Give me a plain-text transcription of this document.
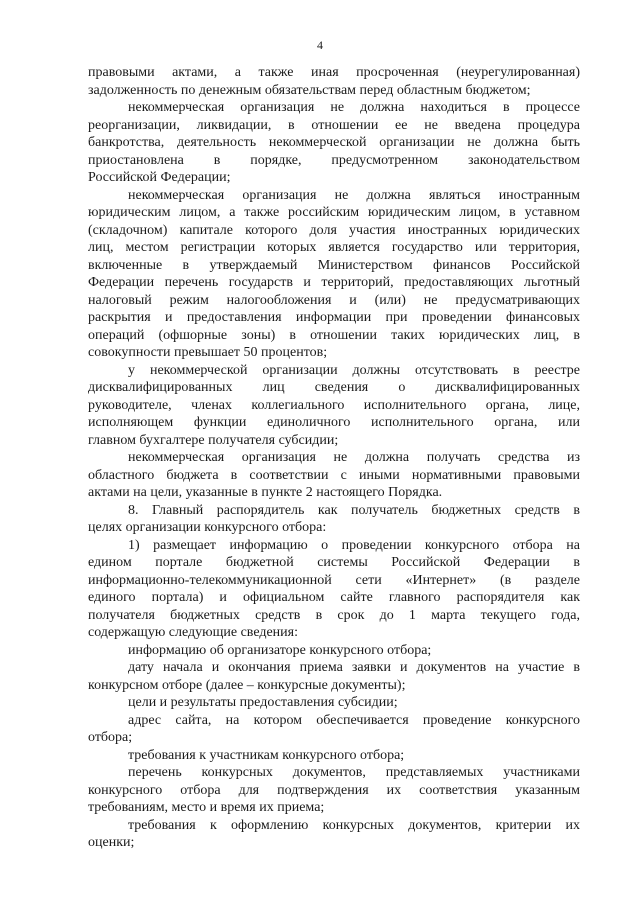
4
правовыми актами, а также иная просроченная (неурегулированная)
задолженность по денежным обязательствам перед областным бюджетом;
некоммерческая организация не должна находиться в процессе
реорганизации, ликвидации, в отношении ее не введена процедура
банкротства, деятельность некоммерческой организации не должна быть
приостановлена в порядке, предусмотренном законодательством
Российской Федерации;
некоммерческая организация не должна являться иностранным
юридическим лицом, а также российским юридическим лицом, в уставном
(складочном) капитале которого доля участия иностранных юридических
лиц, местом регистрации которых является государство или территория,
включенные в утверждаемый Министерством финансов Российской
Федерации перечень государств и территорий, предоставляющих льготный
налоговый режим налогообложения и (или) не предусматривающих
раскрытия и предоставления информации при проведении финансовых
операций (офшорные зоны) в отношении таких юридических лиц, в
совокупности превышает 50 процентов;
у некоммерческой организации должны отсутствовать в реестре
дисквалифицированных лиц сведения о дисквалифицированных
руководителе, членах коллегиального исполнительного органа, лице,
исполняющем функции единоличного исполнительного органа, или
главном бухгалтере получателя субсидии;
некоммерческая организация не должна получать средства из
областного бюджета в соответствии с иными нормативными правовыми
актами на цели, указанные в пункте 2 настоящего Порядка.
8. Главный распорядитель как получатель бюджетных средств в
целях организации конкурсного отбора:
1) размещает информацию о проведении конкурсного отбора на
едином портале бюджетной системы Российской Федерации в
информационно-телекоммуникационной сети «Интернет» (в разделе
единого портала) и официальном сайте главного распорядителя как
получателя бюджетных средств в срок до 1 марта текущего года,
содержащую следующие сведения:
информацию об организаторе конкурсного отбора;
дату начала и окончания приема заявки и документов на участие в
конкурсном отборе (далее – конкурсные документы);
цели и результаты предоставления субсидии;
адрес сайта, на котором обеспечивается проведение конкурсного
отбора;
требования к участникам конкурсного отбора;
перечень конкурсных документов, представляемых участниками
конкурсного отбора для подтверждения их соответствия указанным
требованиям, место и время их приема;
требования к оформлению конкурсных документов, критерии их
оценки;
